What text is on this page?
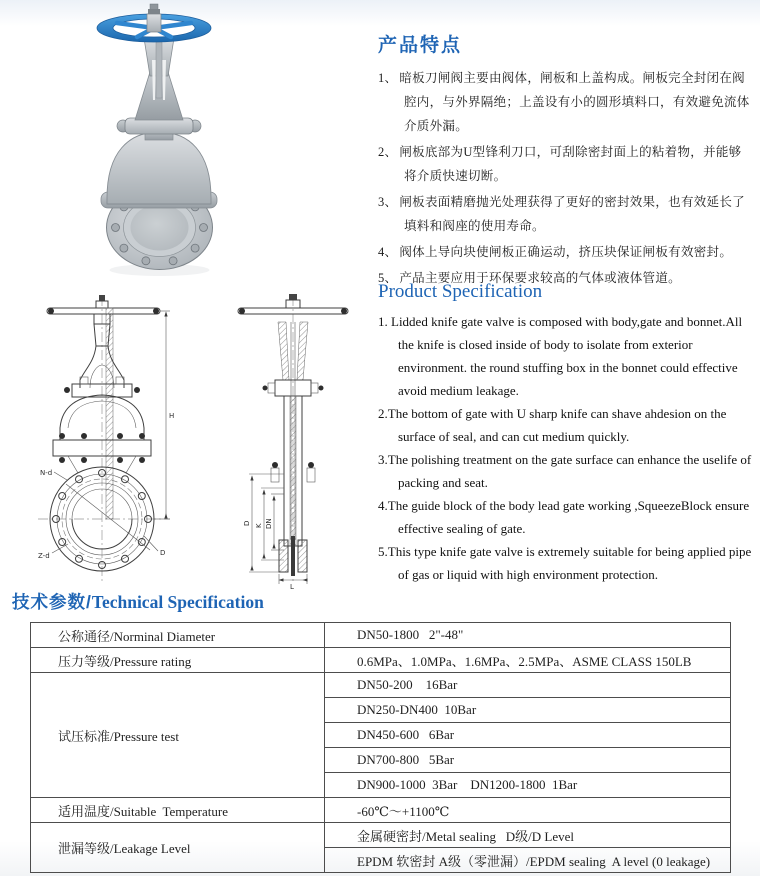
产品特点
1、 暗板刀闸阀主要由阀体，闸板和上盖构成。闸板完全封闭在阀腔内，与外界隔绝；上盖设有小的圆形填料口，有效避免流体介质外漏。
2、 闸板底部为U型锋利刀口，可刮除密封面上的粘着物，并能够将介质快速切断。
3、 闸板表面精磨抛光处理获得了更好的密封效果，也有效延长了填料和阀座的使用寿命。
4、 阀体上导向块使闸板正确运动，挤压块保证闸板有效密封。
5、 产品主要应用于环保要求较高的气体或液体管道。
H
N-d
Z-d	D
D K DN
L
Product Specification
1. Lidded knife gate valve is composed with body,gate and bonnet.All the knife is closed inside of body to isolate from exterior environment. the round stuffing box in the bonnet could effective avoid medium leakage.
2.The bottom of gate with U sharp knife can shave ahdesion on the surface of seal, and can cut medium quickly.
3.The polishing treatment on the gate surface can enhance the uselife of packing and seat.
4.The guide block of the body lead gate working ,SqueezeBlock ensure effective sealing of gate.
5.This type knife gate valve is extremely suitable for being applied pipe of gas or liquid with high environment protection.
技术参数/Technical Specification
公称通径/Norminal Diameter	DN50-1800   2"-48"
压力等级/Pressure rating	0.6MPa、1.0MPa、1.6MPa、2.5MPa、ASME CLASS 150LB
试压标准/Pressure test	DN50-200    16Bar
	DN250-DN400  10Bar
	DN450-600   6Bar
	DN700-800   5Bar
	DN900-1000  3Bar    DN1200-1800  1Bar
适用温度/Suitable  Temperature	-60℃～+1100℃
泄漏等级/Leakage Level	金属硬密封/Metal sealing   D级/D Level
	EPDM 软密封 A级（零泄漏）/EPDM sealing  A level (0 leakage)
